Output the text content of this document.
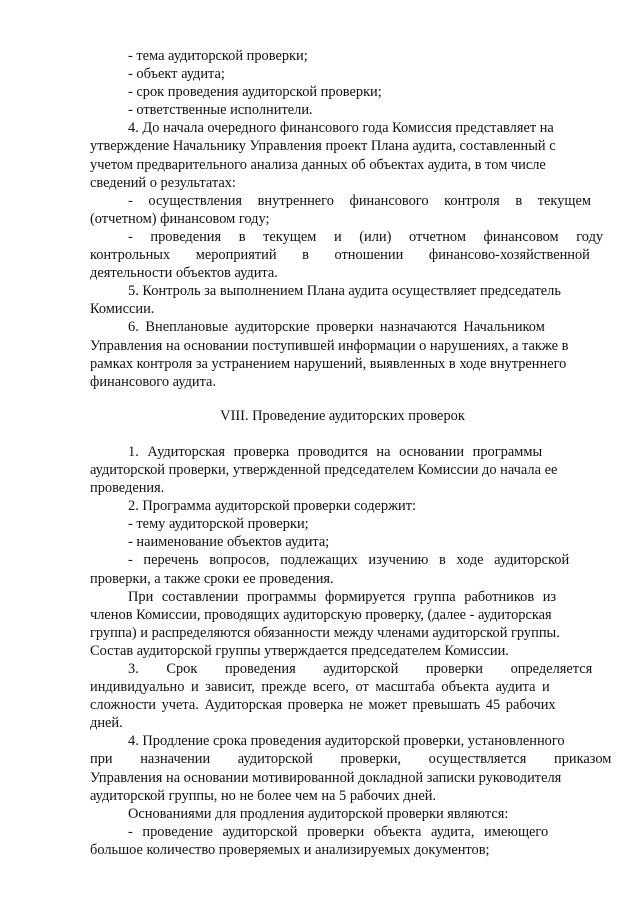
- тема аудиторской проверки;
- объект аудита;
- срок проведения аудиторской проверки;
- ответственные исполнители.
4. До начала очередного финансового года Комиссия представляет на
утверждение Начальнику Управления проект Плана аудита, составленный с
учетом предварительного анализа данных об объектах аудита, в том числе
сведений о результатах:
- осуществления внутреннего финансового контроля в текущем
(отчетном) финансовом году;
- проведения в текущем и (или) отчетном финансовом году
контрольных мероприятий в отношении финансово-хозяйственной
деятельности объектов аудита.
5. Контроль за выполнением Плана аудита осуществляет председатель
Комиссии.
6. Внеплановые аудиторские проверки назначаются Начальником
Управления на основании поступившей информации о нарушениях, а также в
рамках контроля за устранением нарушений, выявленных в ходе внутреннего
финансового аудита.
VIII. Проведение аудиторских проверок
1. Аудиторская проверка проводится на основании программы
аудиторской проверки, утвержденной председателем Комиссии до начала ее
проведения.
2. Программа аудиторской проверки содержит:
- тему аудиторской проверки;
- наименование объектов аудита;
- перечень вопросов, подлежащих изучению в ходе аудиторской
проверки, а также сроки ее проведения.
При составлении программы формируется группа работников из
членов Комиссии, проводящих аудиторскую проверку, (далее - аудиторская
группа) и распределяются обязанности между членами аудиторской группы.
Состав аудиторской группы утверждается председателем Комиссии.
3. Срок проведения аудиторской проверки определяется
индивидуально и зависит, прежде всего, от масштаба объекта аудита и
сложности учета. Аудиторская проверка не может превышать 45 рабочих
дней.
4. Продление срока проведения аудиторской проверки, установленного
при назначении аудиторской проверки, осуществляется приказом
Управления на основании мотивированной докладной записки руководителя
аудиторской группы, но не более чем на 5 рабочих дней.
Основаниями для продления аудиторской проверки являются:
- проведение аудиторской проверки объекта аудита, имеющего
большое количество проверяемых и анализируемых документов;
